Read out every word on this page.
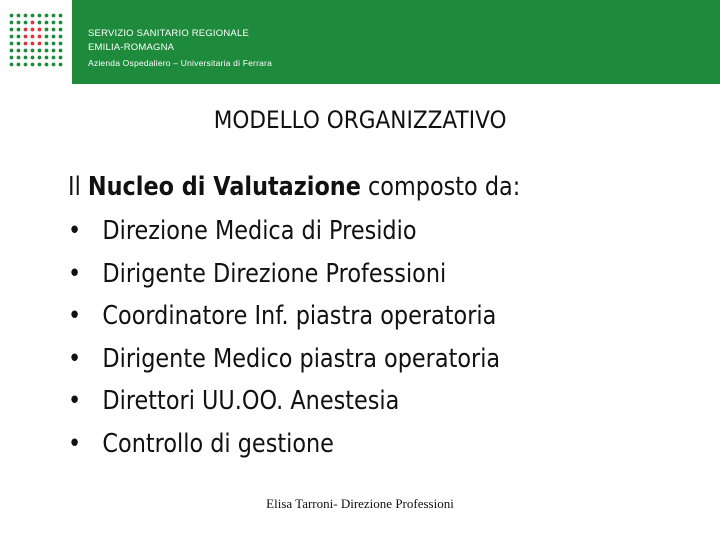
SERVIZIO SANITARIO REGIONALE
EMILIA-ROMAGNA
Azienda Ospedaliero – Universitaria di Ferrara
MODELLO ORGANIZZATIVO
Il Nucleo di Valutazione composto da:
• Direzione Medica di Presidio
• Dirigente Direzione Professioni
• Coordinatore Inf. piastra operatoria
• Dirigente Medico piastra operatoria
• Direttori UU.OO. Anestesia
• Controllo di gestione
Elisa Tarroni- Direzione Professioni
